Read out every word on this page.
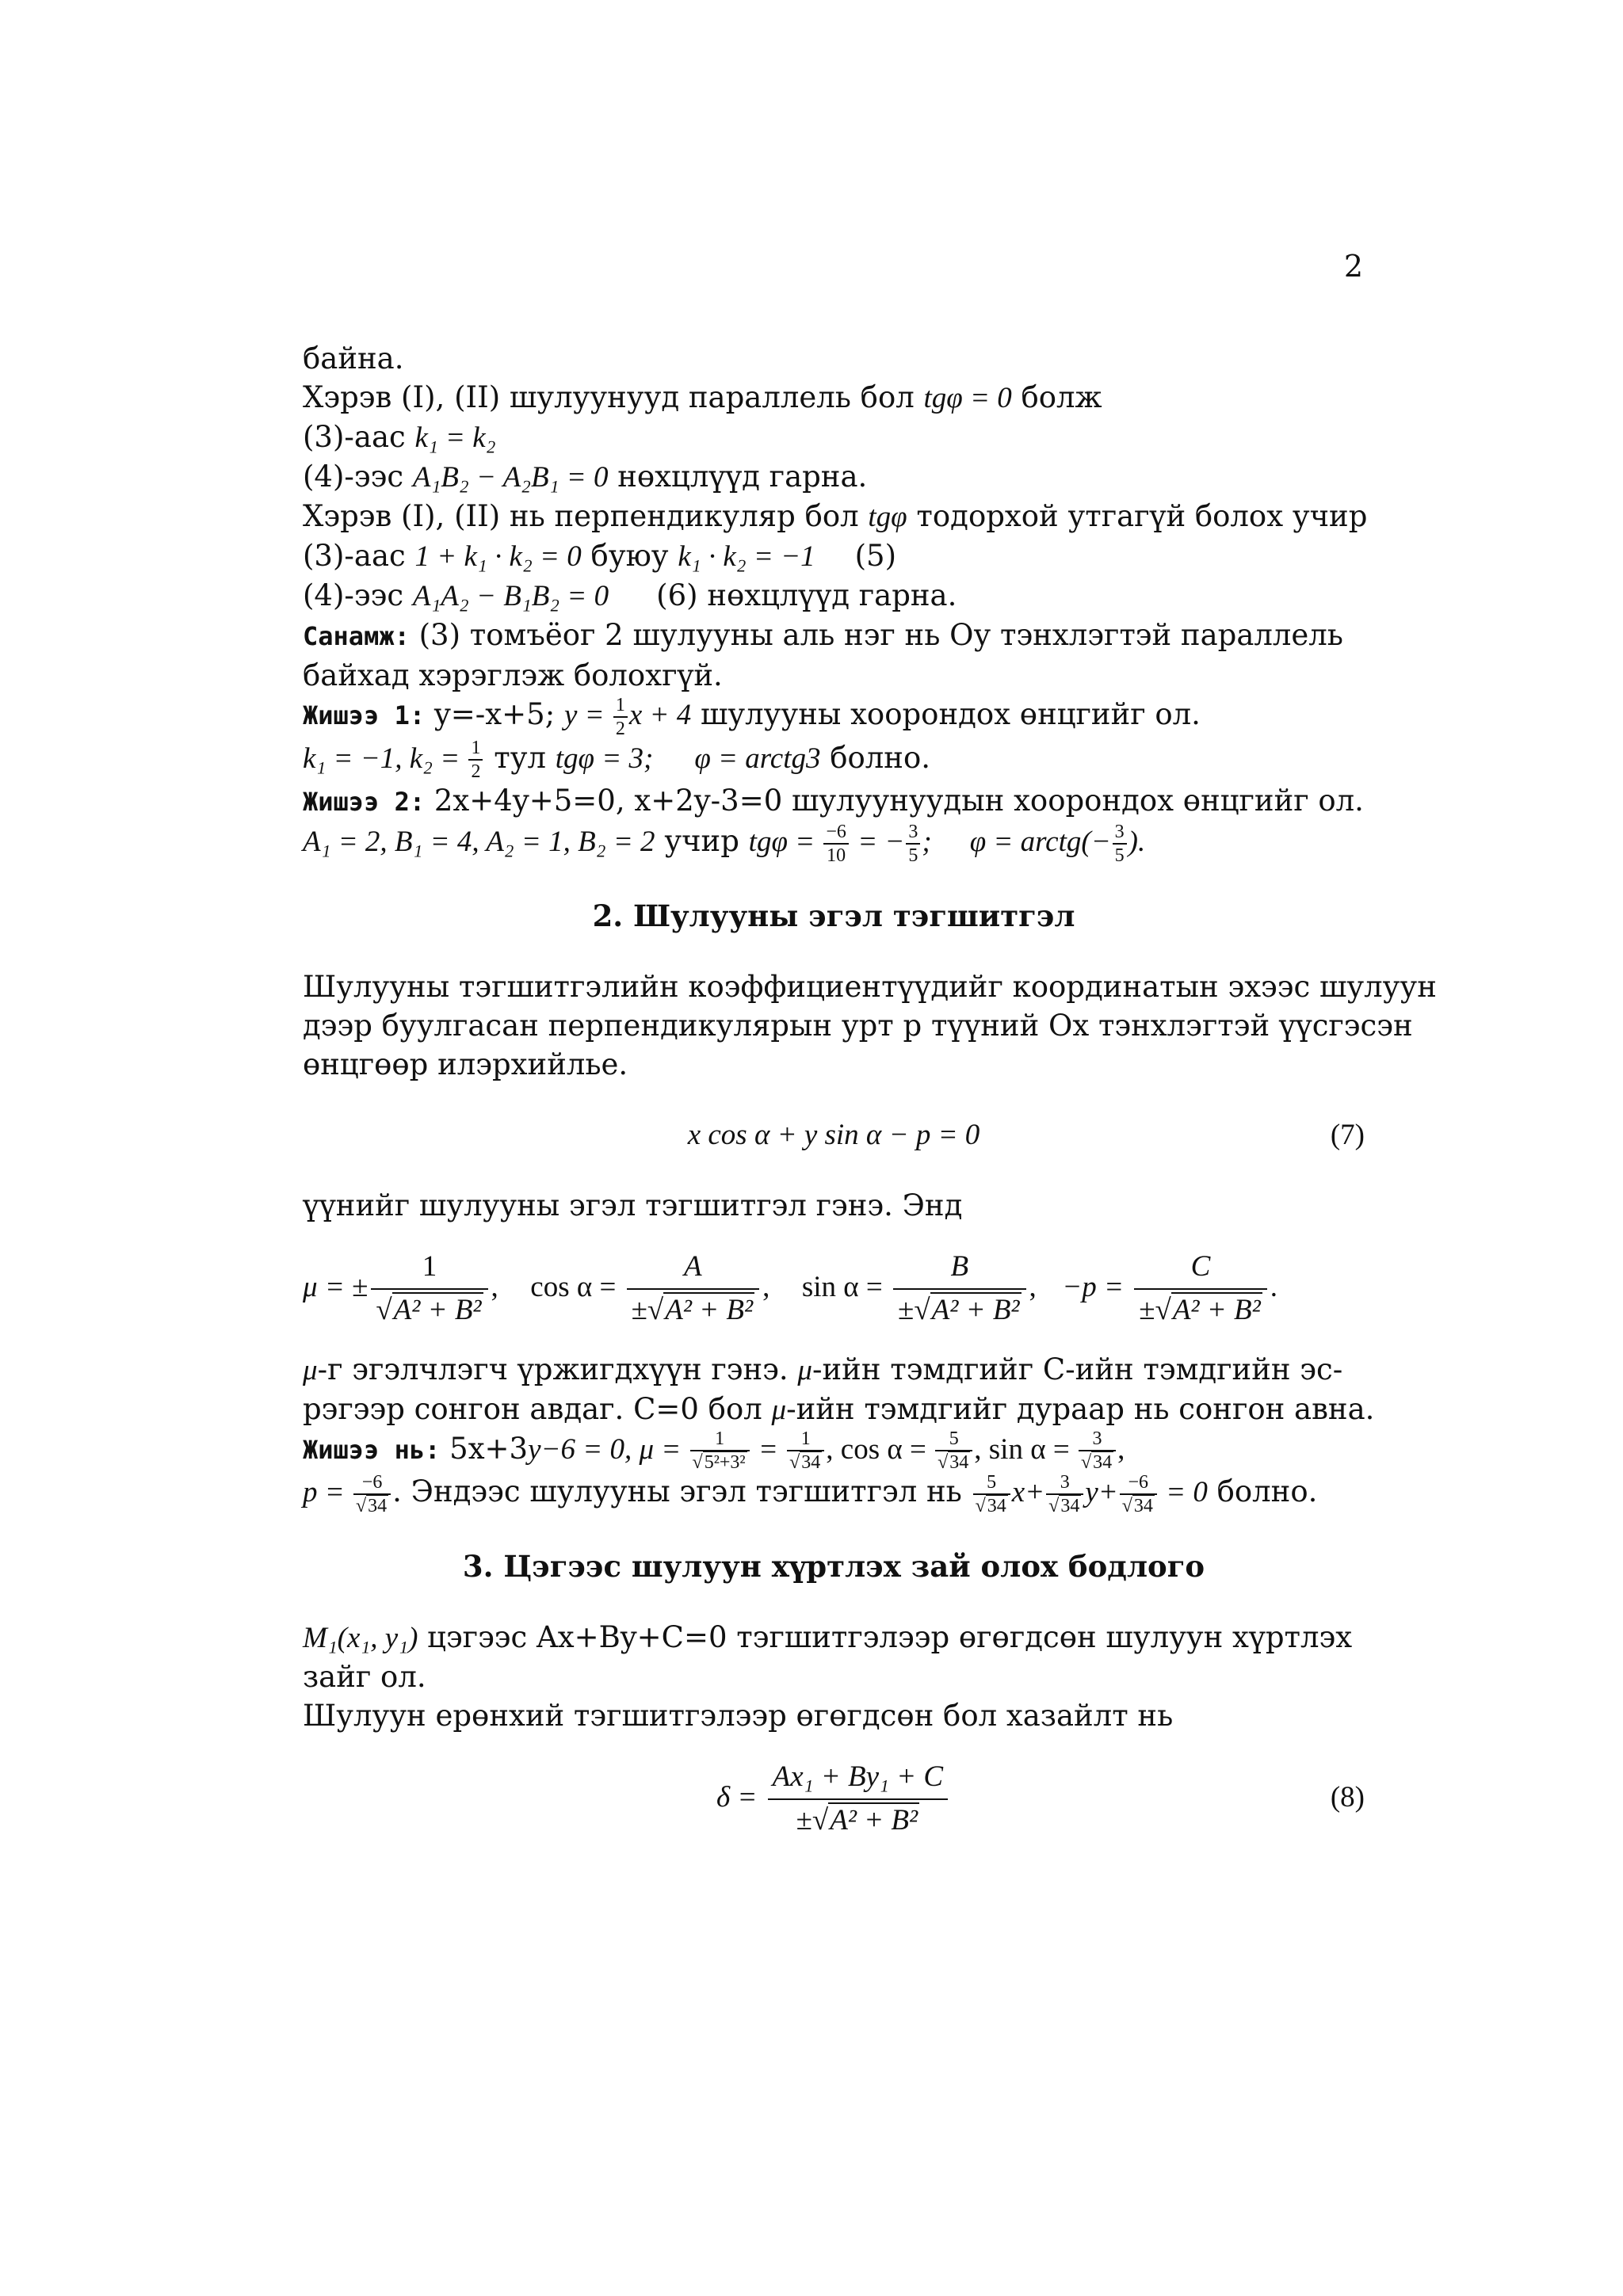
2
байна.
Хэрэв (I), (II) шулуунууд параллель бол tgφ = 0 болж
(3)-аас k₁ = k₂
(4)-ээс A₁B₂ − A₂B₁ = 0 нөхцлүүд гарна.
Хэрэв (I), (II) нь перпендикуляр бол tgφ тодорхой утгагүй болох учир
(3)-аас 1 + k₁ · k₂ = 0 буюу k₁ · k₂ = −1 (5)
(4)-ээс A₁A₂ − B₁B₂ = 0 (6) нөхцлүүд гарна.
Санамж: (3) томъёог 2 шулууны аль нэг нь Оу тэнхлэгтэй параллель
байхад хэрэглэж болохгүй.
Жишээ 1: y=-x+5; $y = \frac{1}{2}$ x + 4 шулууны хоорондох өнцгийг ол.
k₁ = −1, $k_2 = \frac{1}{2}$ тул tgφ = 3; φ = arctg3 болно.
Жишээ 2: 2x+4y+5=0, x+2y-3=0 шулуунуудын хоорондох өнцгийг ол.
A₁ = 2, B₁ = 4, A₂ = 1, B₂ = 2 учир $tg\varphi = \frac{-6}{10}$ = − $\frac{3}{5}$ ; φ = arctg(− $\frac{3}{5}$ ).
2. Шулууны эгэл тэгшитгэл
Шулууны тэгшитгэлийн коэффициентүүдийг координатын эхээс шулуун
дээр буулгасан перпендикулярын урт p түүний Ох тэнхлэгтэй үүсгэсэн
өнцгөөр илэрхийлье.
x cos α + y sin α − p = 0	(7)
үүнийг шулууны эгэл тэгшитгэл гэнэ. Энд
μ = ± $\frac{1}{\text{√A² + B²}}$ , $\cos \alpha = \frac{A}{\text{±√A² + B²}}$ , $\sin \alpha = \frac{B}{\text{±√A² + B²}}$ , $-p = \frac{C}{\text{±√A² + B²}}$ .
μ-г эгэлчлэгч үржигдхүүн гэнэ. μ-ийн тэмдгийг С-ийн тэмдгийн эс-
рэгээр сонгон авдаг. С=0 бол μ-ийн тэмдгийг дураар нь сонгон авна.
Жишээ нь: 5x+3y−6 = 0, $\mu = \frac{1}{\text{√5²+3²}} = \frac{1}{√34}$ , $\cos \alpha = \frac{5}{√34}$ , $\sin \alpha = \frac{3}{√34}$ ,
$p = \frac{-6}{√34}$ . Эндээс шулууны эгэл тэгшитгэл нь $\frac{5}{√34} x+ \frac{3}{√34} y+ \frac{-6}{√34} = 0$ болно.
3. Цэгээс шулуун хүртлэх зай олох бодлого
M₁(x₁, y₁) цэгээс Ax+By+C=0 тэгшитгэлээр өгөгдсөн шулуун хүртлэх
зайг ол.
Шулуун ерөнхий тэгшитгэлээр өгөгдсөн бол хазайлт нь
$\delta = \frac{\text{Ax₁ + By₁ + C}}{\text{±√A² + B²}}$	(8)
